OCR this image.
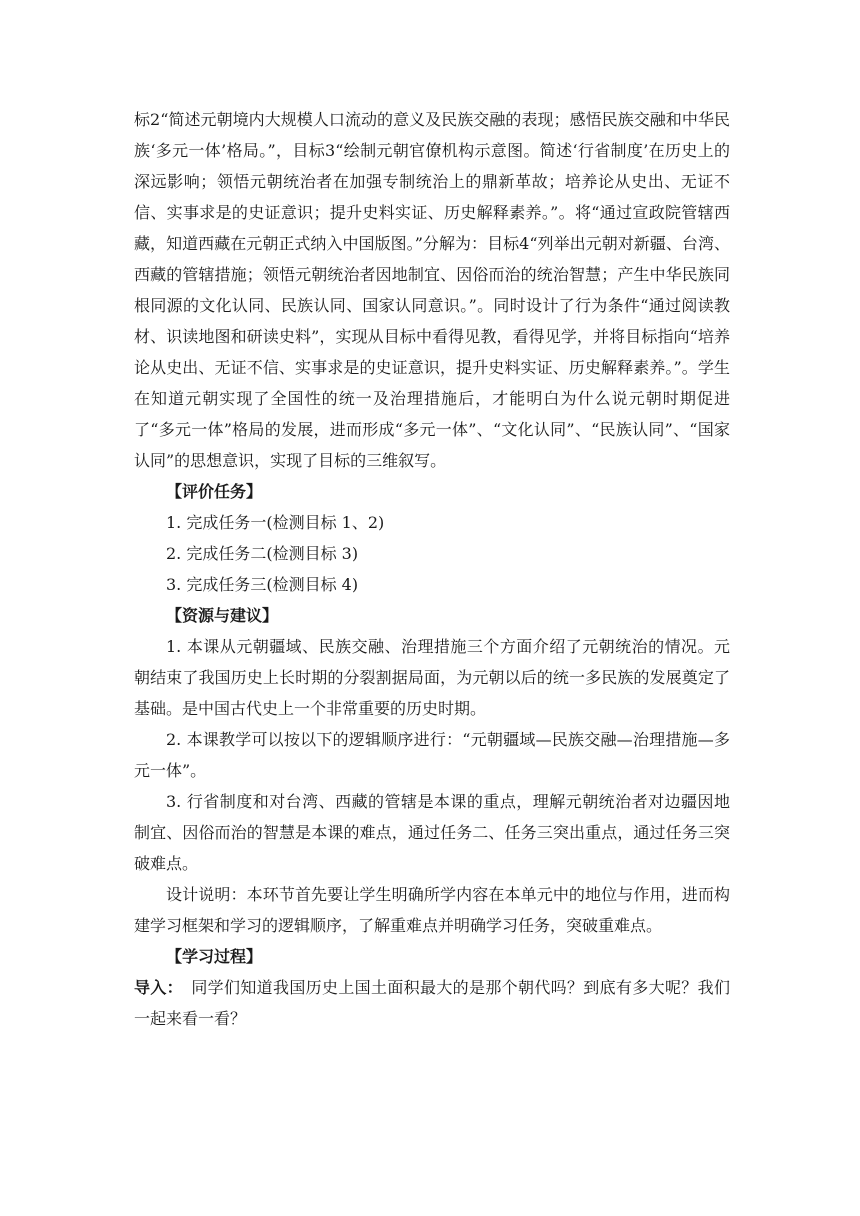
标2“简述元朝境内大规模人口流动的意义及民族交融的表现；感悟民族交融和中华民族‘多元一体’格局。”，目标3“绘制元朝官僚机构示意图。简述‘行省制度’在历史上的深远影响；领悟元朝统治者在加强专制统治上的鼎新革故；培养论从史出、无证不信、实事求是的史证意识；提升史料实证、历史解释素养。”。将“通过宣政院管辖西藏，知道西藏在元朝正式纳入中国版图。”分解为：目标4“列举出元朝对新疆、台湾、西藏的管辖措施；领悟元朝统治者因地制宜、因俗而治的统治智慧；产生中华民族同根同源的文化认同、民族认同、国家认同意识。”。同时设计了行为条件“通过阅读教材、识读地图和研读史料”，实现从目标中看得见教，看得见学，并将目标指向“培养论从史出、无证不信、实事求是的史证意识，提升史料实证、历史解释素养。”。学生在知道元朝实现了全国性的统一及治理措施后，才能明白为什么说元朝时期促进了“多元一体”格局的发展，进而形成“多元一体”、“文化认同”、“民族认同”、“国家认同”的思想意识，实现了目标的三维叙写。

【评价任务】

1. 完成任务一(检测目标 1、2)

2. 完成任务二(检测目标 3)

3. 完成任务三(检测目标 4)

【资源与建议】

1. 本课从元朝疆域、民族交融、治理措施三个方面介绍了元朝统治的情况。元朝结束了我国历史上长时期的分裂割据局面，为元朝以后的统一多民族的发展奠定了基础。是中国古代史上一个非常重要的历史时期。

2. 本课教学可以按以下的逻辑顺序进行：“元朝疆域—民族交融—治理措施—多元一体”。

3. 行省制度和对台湾、西藏的管辖是本课的重点，理解元朝统治者对边疆因地制宜、因俗而治的智慧是本课的难点，通过任务二、任务三突出重点，通过任务三突破难点。

设计说明：本环节首先要让学生明确所学内容在本单元中的地位与作用，进而构建学习框架和学习的逻辑顺序，了解重难点并明确学习任务，突破重难点。

【学习过程】

导入：　同学们知道我国历史上国土面积最大的是那个朝代吗？到底有多大呢？我们一起来看一看？
